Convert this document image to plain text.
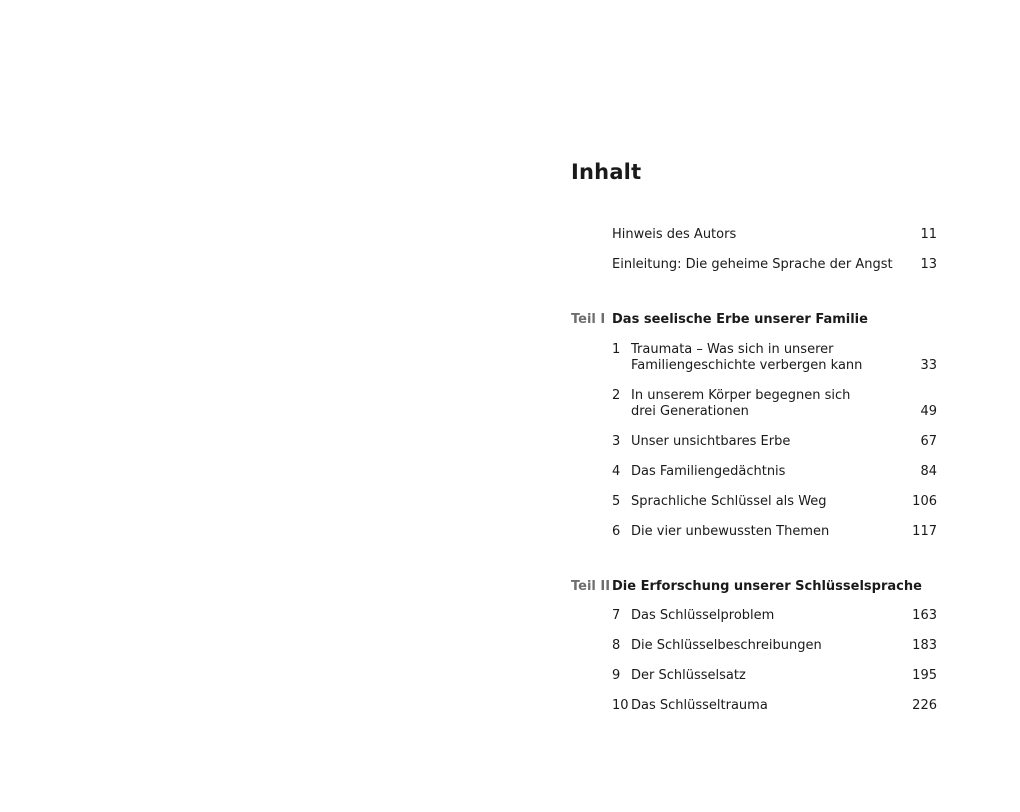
Inhalt
Hinweis des Autors	11
Einleitung: Die geheime Sprache der Angst	13
Teil I Das seelische Erbe unserer Familie
1 Traumata – Was sich in unserer
Familiengeschichte verbergen kann	33
2 In unserem Körper begegnen sich
drei Generationen	49
3 Unser unsichtbares Erbe	67
4 Das Familiengedächtnis	84
5 Sprachliche Schlüssel als Weg	106
6 Die vier unbewussten Themen	117
Teil II Die Erforschung unserer Schlüsselsprache
7 Das Schlüsselproblem	163
8 Die Schlüsselbeschreibungen	183
9 Der Schlüsselsatz	195
10 Das Schlüsseltrauma	226
